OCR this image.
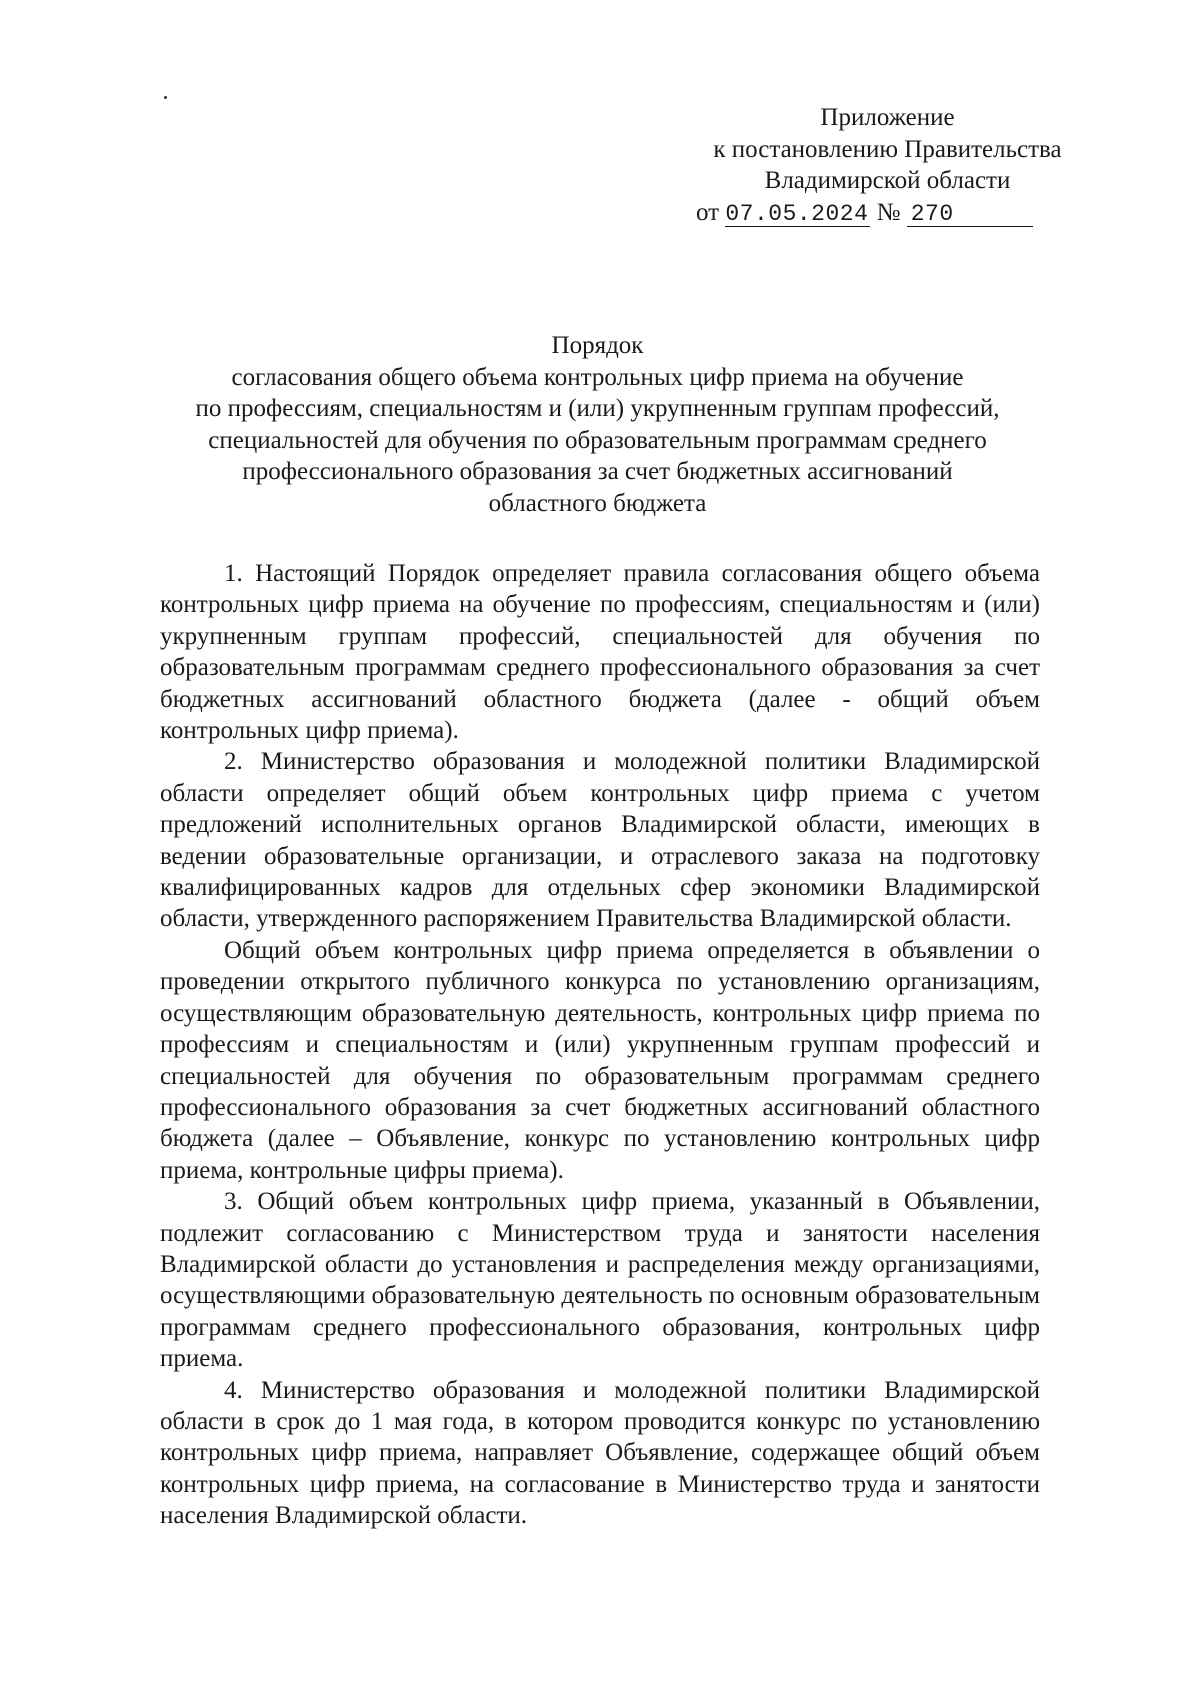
Приложение
к постановлению Правительства
Владимирской области
от 07.05.2024 № 270
Порядок
согласования общего объема контрольных цифр приема на обучение
по профессиям, специальностям и (или) укрупненным группам профессий,
специальностей для обучения по образовательным программам среднего
профессионального образования за счет бюджетных ассигнований
областного бюджета

1. Настоящий Порядок определяет правила согласования общего объема контрольных цифр приема на обучение по профессиям, специальностям и (или) укрупненным группам профессий, специальностей для обучения по образовательным программам среднего профессионального образования за счет бюджетных ассигнований областного бюджета (далее - общий объем контрольных цифр приема).

2. Министерство образования и молодежной политики Владимирской области определяет общий объем контрольных цифр приема с учетом предложений исполнительных органов Владимирской области, имеющих в ведении образовательные организации, и отраслевого заказа на подготовку квалифицированных кадров для отдельных сфер экономики Владимирской области, утвержденного распоряжением Правительства Владимирской области.

Общий объем контрольных цифр приема определяется в объявлении о проведении открытого публичного конкурса по установлению организациям, осуществляющим образовательную деятельность, контрольных цифр приема по профессиям и специальностям и (или) укрупненным группам профессий и специальностей для обучения по образовательным программам среднего профессионального образования за счет бюджетных ассигнований областного бюджета (далее – Объявление, конкурс по установлению контрольных цифр приема, контрольные цифры приема).

3. Общий объем контрольных цифр приема, указанный в Объявлении, подлежит согласованию с Министерством труда и занятости населения Владимирской области до установления и распределения между организациями, осуществляющими образовательную деятельность по основным образовательным программам среднего профессионального образования, контрольных цифр приема.

4. Министерство образования и молодежной политики Владимирской области в срок до 1 мая года, в котором проводится конкурс по установлению контрольных цифр приема, направляет Объявление, содержащее общий объем контрольных цифр приема, на согласование в Министерство труда и занятости населения Владимирской области.
